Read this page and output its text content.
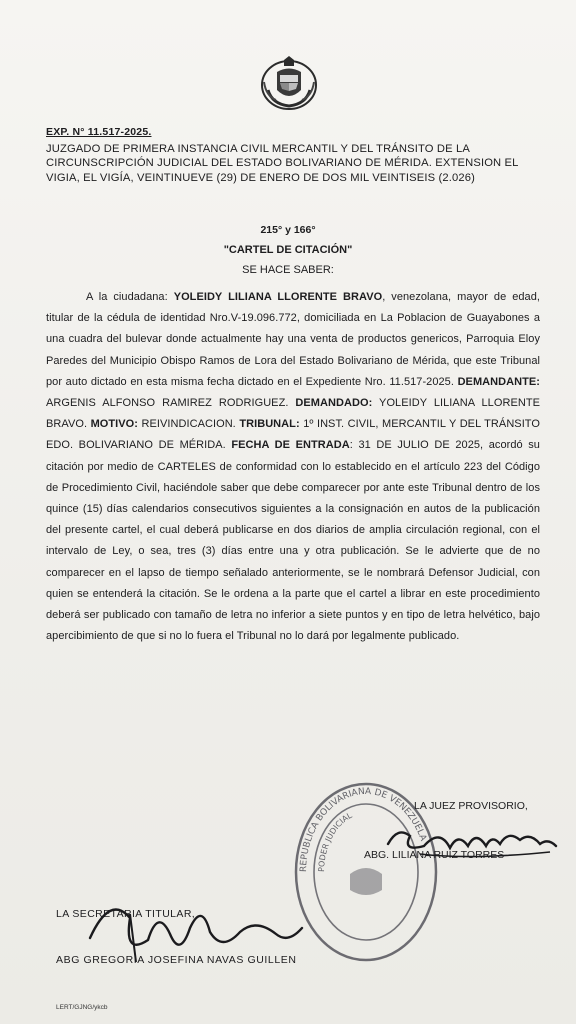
EXP. N° 11.517-2025.
JUZGADO DE PRIMERA INSTANCIA CIVIL MERCANTIL Y DEL TRÁNSITO DE LA CIRCUNSCRIPCIÓN JUDICIAL DEL ESTADO BOLIVARIANO DE MÉRIDA. EXTENSION EL VIGIA, EL VIGÍA, VEINTINUEVE (29) DE ENERO DE DOS MIL VEINTISEIS (2.026)
215° y 166°
"CARTEL DE CITACIÓN"
SE HACE SABER:
A la ciudadana: YOLEIDY LILIANA LLORENTE BRAVO, venezolana, mayor de edad, titular de la cédula de identidad Nro.V-19.096.772, domiciliada en La Poblacion de Guayabones a una cuadra del bulevar donde actualmente hay una venta de productos genericos, Parroquia Eloy Paredes del Municipio Obispo Ramos de Lora del Estado Bolivariano de Mérida, que este Tribunal por auto dictado en esta misma fecha dictado en el Expediente Nro. 11.517-2025. DEMANDANTE: ARGENIS ALFONSO RAMIREZ RODRIGUEZ. DEMANDADO: YOLEIDY LILIANA LLORENTE BRAVO. MOTIVO: REIVINDICACION. TRIBUNAL: 1º INST. CIVIL, MERCANTIL Y DEL TRÁNSITO EDO. BOLIVARIANO DE MÉRIDA. FECHA DE ENTRADA: 31 DE JULIO DE 2025, acordó su citación por medio de CARTELES de conformidad con lo establecido en el artículo 223 del Código de Procedimiento Civil, haciéndole saber que debe comparecer por ante este Tribunal dentro de los quince (15) días calendarios consecutivos siguientes a la consignación en autos de la publicación del presente cartel, el cual deberá publicarse en dos diarios de amplia circulación regional, con el intervalo de Ley, o sea, tres (3) días entre una y otra publicación. Se le advierte que de no comparecer en el lapso de tiempo señalado anteriormente, se le nombrará Defensor Judicial, con quien se entenderá la citación. Se le ordena a la parte que el cartel a librar en este procedimiento deberá ser publicado con tamaño de letra no inferior a siete puntos y en tipo de letra helvético, bajo apercibimiento de que si no lo fuera el Tribunal no lo dará por legalmente publicado.
REPUBLICA BOLIVARIANA DE VENEZUELA
PODER JUDICIAL
LA JUEZ PROVISORIO,
ABG. LILIANA RUIZ TORRES
LA SECRETARIA TITULAR,
ABG GREGORIA JOSEFINA NAVAS GUILLEN
LERT/GJNG/ykcb
